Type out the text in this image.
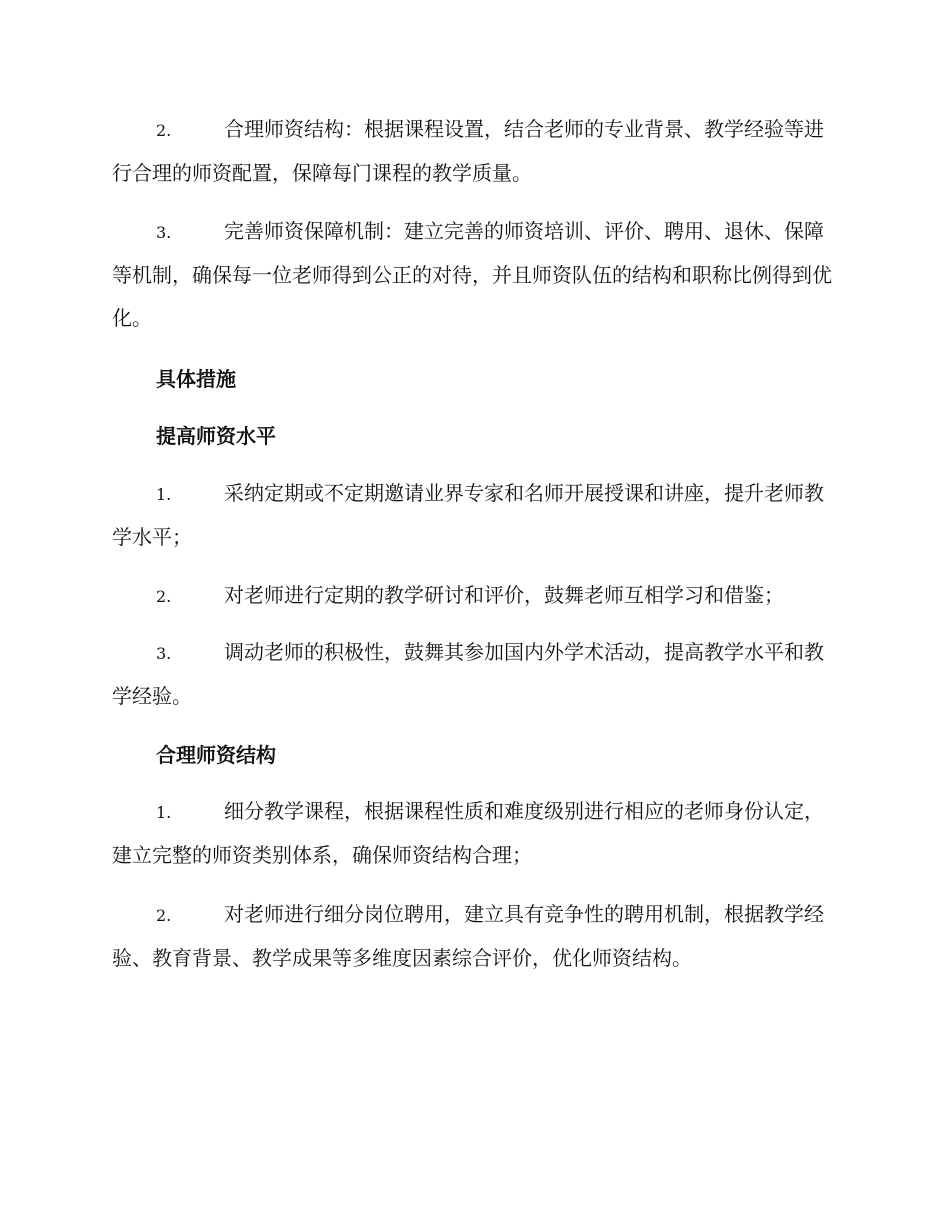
2.	合理师资结构：根据课程设置，结合老师的专业背景、教学经验等进行合理的师资配置，保障每门课程的教学质量。

3.	完善师资保障机制：建立完善的师资培训、评价、聘用、退休、保障等机制，确保每一位老师得到公正的对待，并且师资队伍的结构和职称比例得到优化。

具体措施
提高师资水平

1.	采纳定期或不定期邀请业界专家和名师开展授课和讲座，提升老师教学水平；

2.	对老师进行定期的教学研讨和评价，鼓舞老师互相学习和借鉴；

3.	调动老师的积极性，鼓舞其参加国内外学术活动，提高教学水平和教学经验。

合理师资结构

1.	细分教学课程，根据课程性质和难度级别进行相应的老师身份认定，建立完整的师资类别体系，确保师资结构合理；

2.	对老师进行细分岗位聘用，建立具有竞争性的聘用机制，根据教学经验、教育背景、教学成果等多维度因素综合评价，优化师资结构。
